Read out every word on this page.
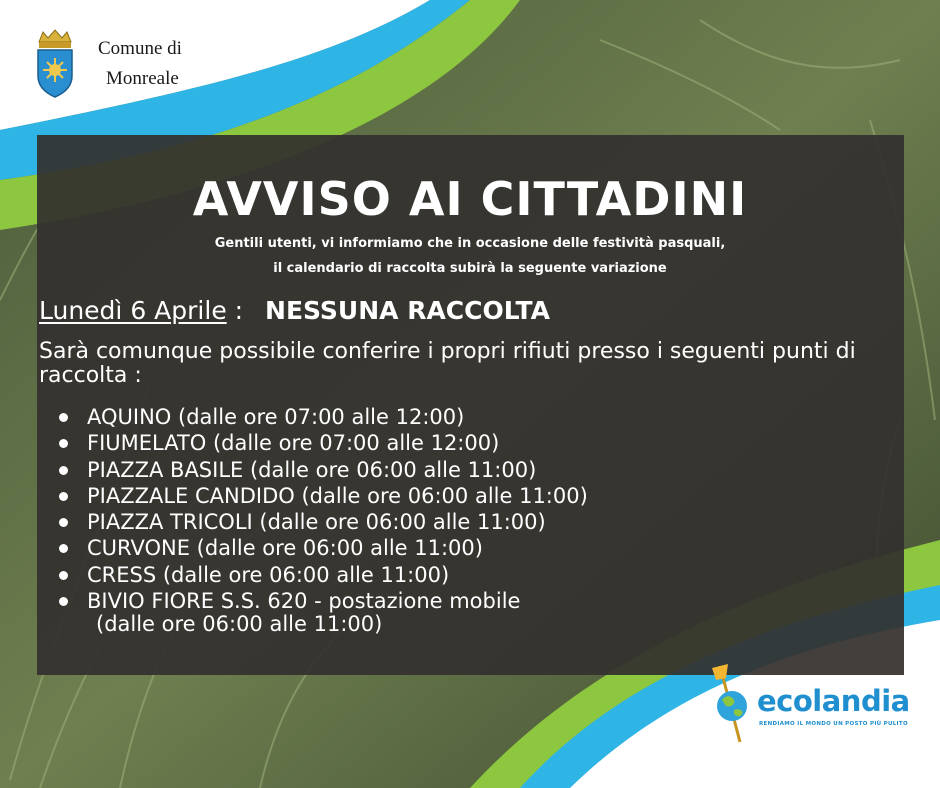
Comune di
Monreale
AVVISO AI CITTADINI
Gentili utenti, vi informiamo che in occasione delle festività pasquali,
il calendario di raccolta subirà la seguente variazione
Lunedì 6 Aprile : NESSUNA RACCOLTA
Sarà comunque possibile conferire i propri rifiuti presso i seguenti punti di raccolta :
AQUINO (dalle ore 07:00 alle 12:00)
FIUMELATO (dalle ore 07:00 alle 12:00)
PIAZZA BASILE (dalle ore 06:00 alle 11:00)
PIAZZALE CANDIDO (dalle ore 06:00 alle 11:00)
PIAZZA TRICOLI (dalle ore 06:00 alle 11:00)
CURVONE (dalle ore 06:00 alle 11:00)
CRESS (dalle ore 06:00 alle 11:00)
BIVIO FIORE S.S. 620 - postazione mobile
(dalle ore 06:00 alle 11:00)
ecolandia
RENDIAMO IL MONDO UN POSTO PIÙ PULITO
